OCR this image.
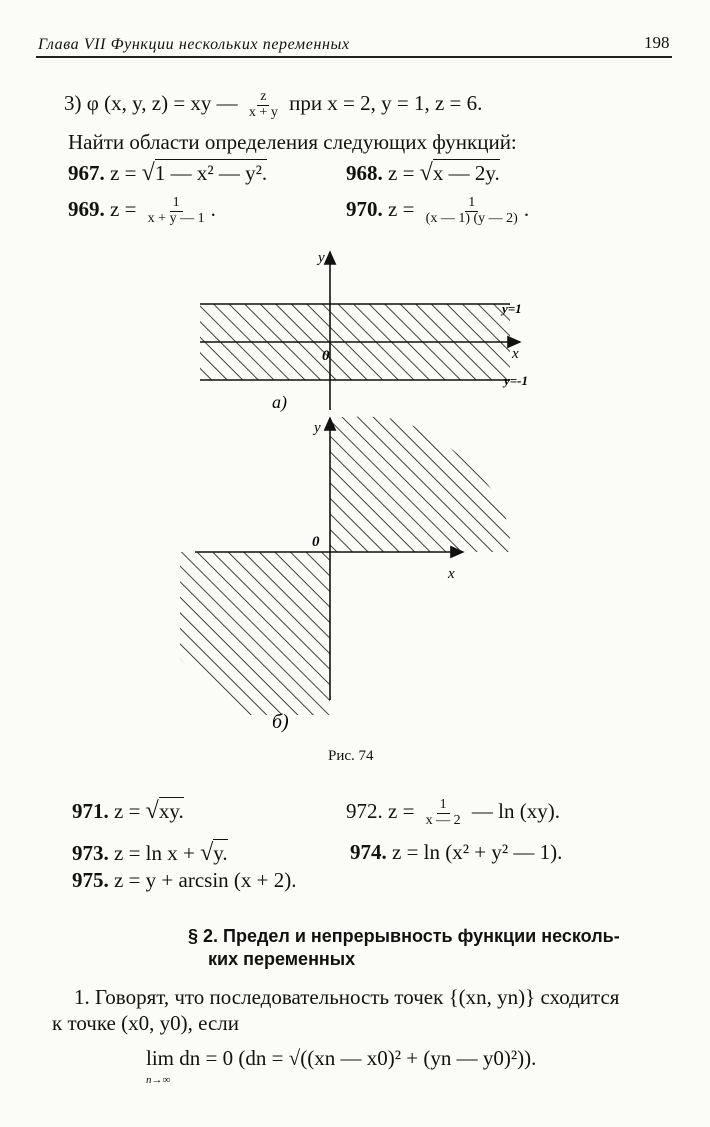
Глава VII Функции нескольких переменных	198
3) φ (x, y, z) = xy — $\frac{z}{x + y}$ при x = 2, y = 1, z = 6.
Найти области определения следующих функций:
967. z = √1 — x² — y².	968. z = √x — 2y.
969. $z = \frac{1}{x + y — 1}$ .	970. $z = \frac{1}{(x — 1) (y — 2)}$ .
y
x
0
y=1
y=-1
а)
y
x
0
б)
Рис. 74
971. z = √xy.	972. $z = \frac{1}{x — 2}$ — ln (xy).
973. z = ln x + √y.	974. z = ln (x² + y² — 1).
975. z = y + arcsin (x + 2).
§ 2. Предел и непрерывность функции несколь-
ких переменных
1. Говорят, что последовательность точек {(xn, yn)} сходится
к точке (x0, y0), если
lim dn = 0 (dn = √((xn — x0)² + (yn — y0)²)).
n→∞
